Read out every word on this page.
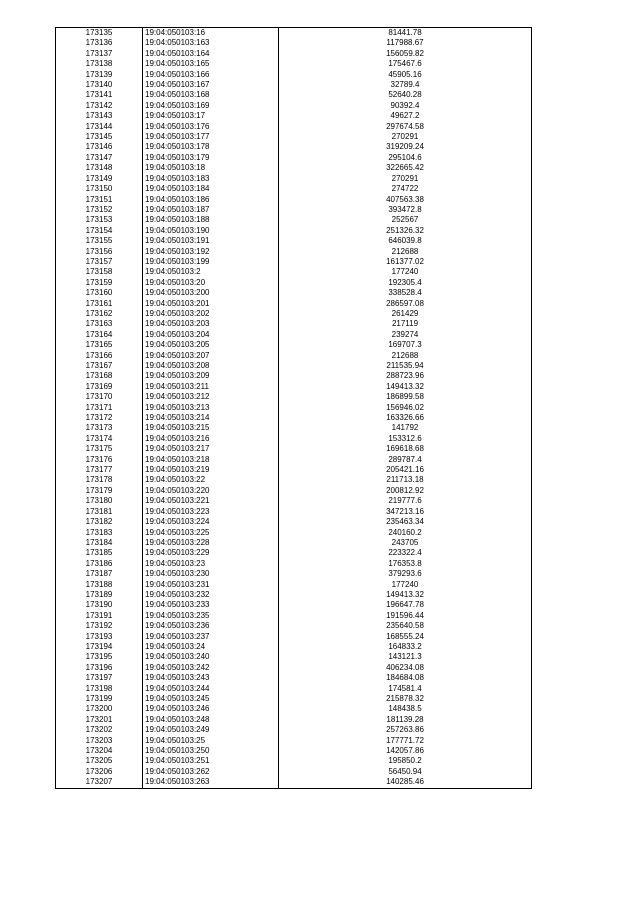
173135	19:04:050103:16	81441.78
173136	19:04:050103:163	117988.67
173137	19:04:050103:164	156059.82
173138	19:04:050103:165	175467.6
173139	19:04:050103:166	45905.16
173140	19:04:050103:167	32789.4
173141	19:04:050103:168	52640.28
173142	19:04:050103:169	90392.4
173143	19:04:050103:17	49627.2
173144	19:04:050103:176	297674.58
173145	19:04:050103:177	270291
173146	19:04:050103:178	319209.24
173147	19:04:050103:179	295104.6
173148	19:04:050103:18	322665.42
173149	19:04:050103:183	270291
173150	19:04:050103:184	274722
173151	19:04:050103:186	407563.38
173152	19:04:050103:187	393472.8
173153	19:04:050103:188	252567
173154	19:04:050103:190	251326.32
173155	19:04:050103:191	646039.8
173156	19:04:050103:192	212688
173157	19:04:050103:199	161377.02
173158	19:04:050103:2	177240
173159	19:04:050103:20	192305.4
173160	19:04:050103:200	338528.4
173161	19:04:050103:201	286597.08
173162	19:04:050103:202	261429
173163	19:04:050103:203	217119
173164	19:04:050103:204	239274
173165	19:04:050103:205	169707.3
173166	19:04:050103:207	212688
173167	19:04:050103:208	211535.94
173168	19:04:050103:209	288723.96
173169	19:04:050103:211	149413.32
173170	19:04:050103:212	186899.58
173171	19:04:050103:213	156946.02
173172	19:04:050103:214	163326.66
173173	19:04:050103:215	141792
173174	19:04:050103:216	153312.6
173175	19:04:050103:217	169618.68
173176	19:04:050103:218	289787.4
173177	19:04:050103:219	205421.16
173178	19:04:050103:22	211713.18
173179	19:04:050103:220	200812.92
173180	19:04:050103:221	219777.6
173181	19:04:050103:223	347213.16
173182	19:04:050103:224	235463.34
173183	19:04:050103:225	240160.2
173184	19:04:050103:228	243705
173185	19:04:050103:229	223322.4
173186	19:04:050103:23	176353.8
173187	19:04:050103:230	379293.6
173188	19:04:050103:231	177240
173189	19:04:050103:232	149413.32
173190	19:04:050103:233	196647.78
173191	19:04:050103:235	191596.44
173192	19:04:050103:236	235640.58
173193	19:04:050103:237	168555.24
173194	19:04:050103:24	164833.2
173195	19:04:050103:240	143121.3
173196	19:04:050103:242	406234.08
173197	19:04:050103:243	184684.08
173198	19:04:050103:244	174581.4
173199	19:04:050103:245	215878.32
173200	19:04:050103:246	148438.5
173201	19:04:050103:248	181139.28
173202	19:04:050103:249	257263.86
173203	19:04:050103:25	177771.72
173204	19:04:050103:250	142057.86
173205	19:04:050103:251	195850.2
173206	19:04:050103:262	56450.94
173207	19:04:050103:263	140285.46
